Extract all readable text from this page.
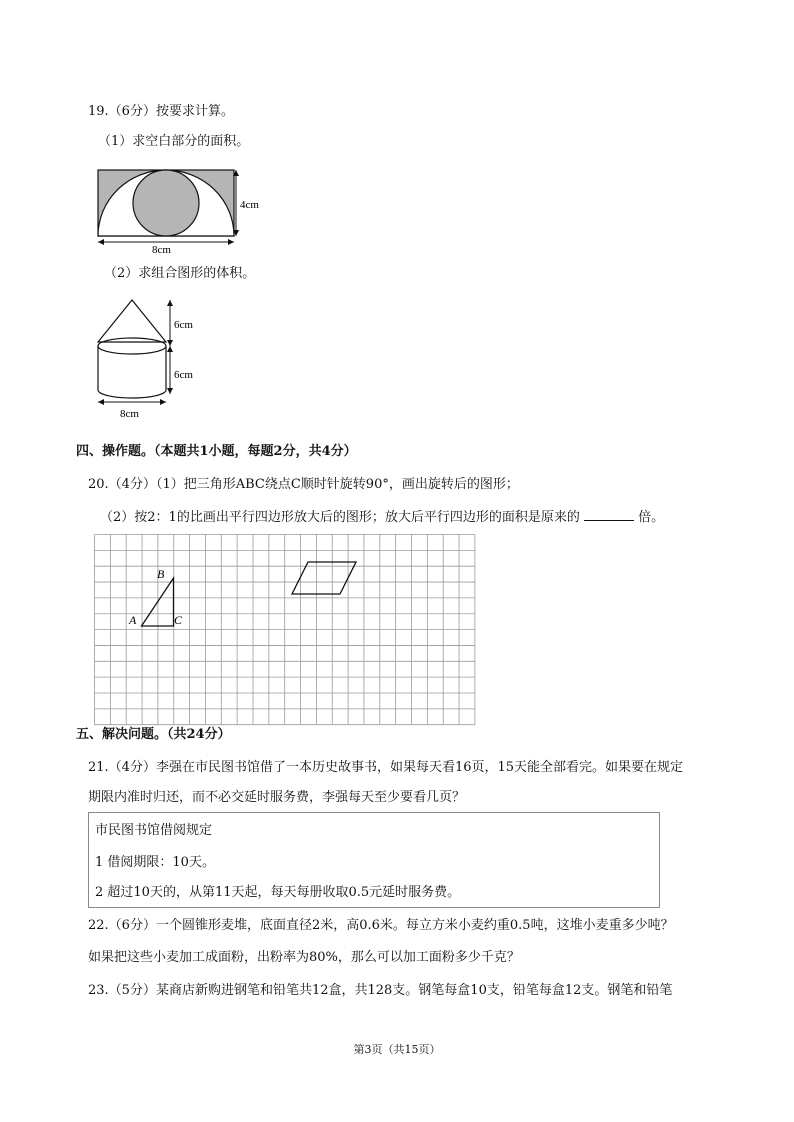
19.（6分）按要求计算。
（1）求空白部分的面积。
4cm
8cm
（2）求组合图形的体积。
6cm
6cm
8cm
四、操作题。（本题共1小题，每题2分，共4分）
20.（4分）（1）把三角形ABC绕点C顺时针旋转90°，画出旋转后的图形；
（2）按2：1的比画出平行四边形放大后的图形；放大后平行四边形的面积是原来的	倍。
A
B
C
五、解决问题。（共24分）
21.（4分）李强在市民图书馆借了一本历史故事书，如果每天看16页，15天能全部看完。如果要在规定
期限内准时归还，而不必交延时服务费，李强每天至少要看几页？
市民图书馆借阅规定
1 借阅期限：10天。
2 超过10天的，从第11天起，每天每册收取0.5元延时服务费。
22.（6分）一个圆锥形麦堆，底面直径2米，高0.6米。每立方米小麦约重0.5吨，这堆小麦重多少吨？
如果把这些小麦加工成面粉，出粉率为80%，那么可以加工面粉多少千克？
23.（5分）某商店新购进钢笔和铅笔共12盒，共128支。钢笔每盒10支，铅笔每盒12支。钢笔和铅笔
第3页（共15页）
